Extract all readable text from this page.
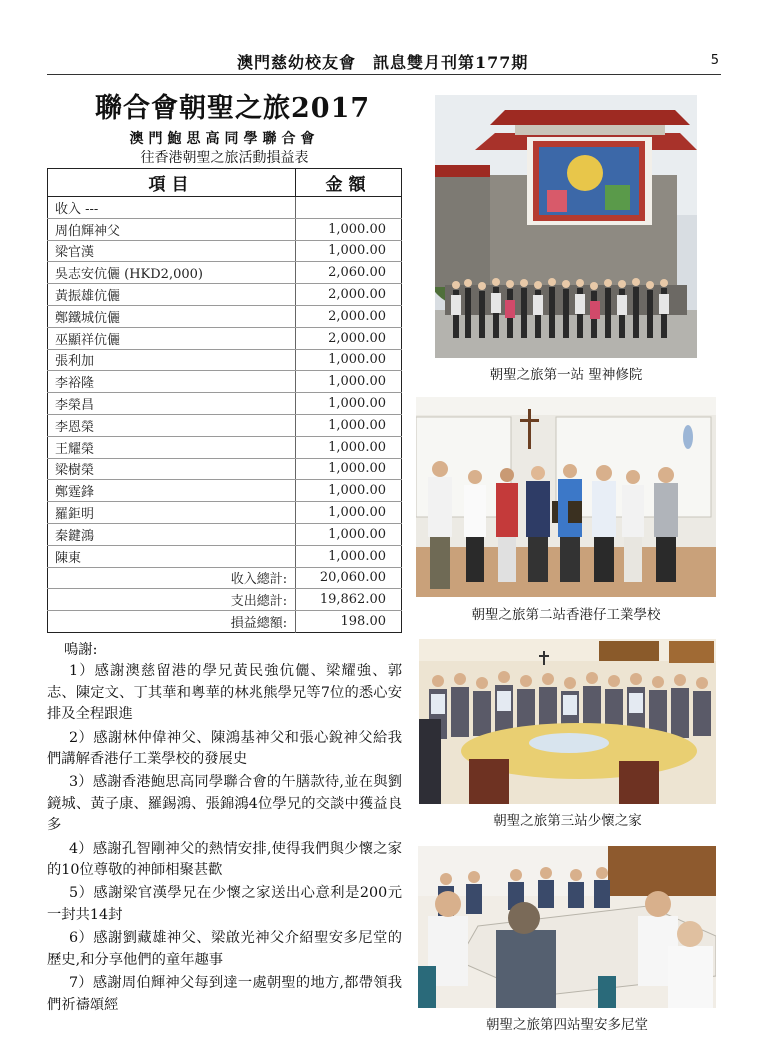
澳門慈幼校友會　訊息雙月刊第177期	5
聯合會朝聖之旅2017
澳門鮑思高同學聯合會
往香港朝聖之旅活動損益表
項目	金額
收入 ---	
周伯輝神父	1,000.00
梁官漢	1,000.00
吳志安伉儷 (HKD2,000)	2,060.00
黃振雄伉儷	2,000.00
鄭鐵城伉儷	2,000.00
巫顯祥伉儷	2,000.00
張利加	1,000.00
李裕隆	1,000.00
李榮昌	1,000.00
李恩榮	1,000.00
王耀榮	1,000.00
梁樹榮	1,000.00
鄭霆鋒	1,000.00
羅鉅明	1,000.00
秦鍵鴻	1,000.00
陳東	1,000.00
收入總計:	20,060.00
支出總計:	19,862.00
損益總額:	198.00
鳴謝:

1）感謝澳慈留港的學兄黃民強伉儷、梁耀強、郭志、陳定文、丁其華和粵華的林兆熊學兄等7位的悉心安排及全程跟進

2）感謝林仲偉神父、陳鴻基神父和張心銳神父給我們講解香港仔工業學校的發展史

3）感謝香港鮑思高同學聯合會的午膳款待,並在與劉鏡城、黃子康、羅錫鴻、張錦鴻4位學兄的交談中獲益良多

4）感謝孔智剛神父的熱情安排,使得我們與少懷之家的10位尊敬的神師相聚甚歡

5）感謝梁官漢學兄在少懷之家送出心意利是200元一封共14封

6）感謝劉藏雄神父、梁啟光神父介紹聖安多尼堂的歷史,和分享他們的童年趣事

7）感謝周伯輝神父每到達一處朝聖的地方,都帶領我們祈禱頌經

朝聖之旅第一站 聖神修院
朝聖之旅第二站香港仔工業學校
朝聖之旅第三站少懷之家
朝聖之旅第四站聖安多尼堂
